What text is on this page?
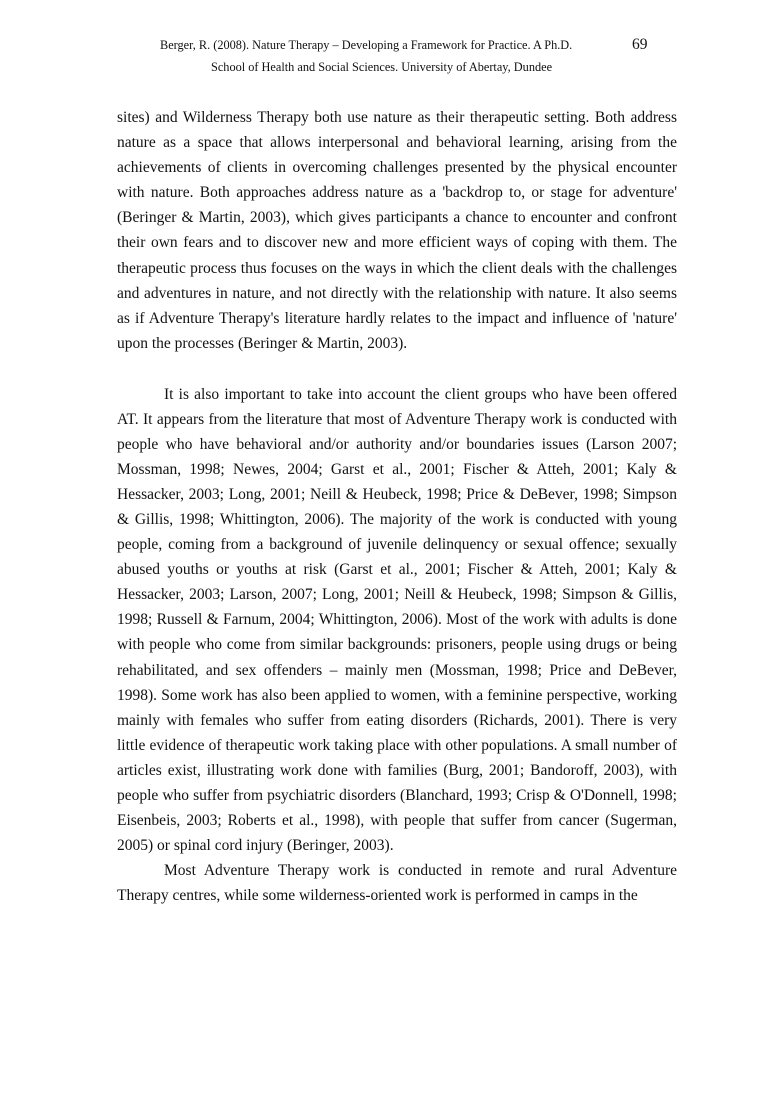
Berger, R. (2008). Nature Therapy – Developing a Framework for Practice. A Ph.D.	69
School of Health and Social Sciences. University of Abertay, Dundee

sites) and Wilderness Therapy both use nature as their therapeutic setting. Both address nature as a space that allows interpersonal and behavioral learning, arising from the achievements of clients in overcoming challenges presented by the physical encounter with nature. Both approaches address nature as a 'backdrop to, or stage for adventure' (Beringer & Martin, 2003), which gives participants a chance to encounter and confront their own fears and to discover new and more efficient ways of coping with them. The therapeutic process thus focuses on the ways in which the client deals with the challenges and adventures in nature, and not directly with the relationship with nature. It also seems as if Adventure Therapy's literature hardly relates to the impact and influence of 'nature' upon the processes (Beringer & Martin, 2003).

It is also important to take into account the client groups who have been offered AT. It appears from the literature that most of Adventure Therapy work is conducted with people who have behavioral and/or authority and/or boundaries issues (Larson 2007; Mossman, 1998; Newes, 2004; Garst et al., 2001; Fischer & Atteh, 2001; Kaly & Hessacker, 2003; Long, 2001; Neill & Heubeck, 1998; Price & DeBever, 1998; Simpson & Gillis, 1998; Whittington, 2006). The majority of the work is conducted with young people, coming from a background of juvenile delinquency or sexual offence; sexually abused youths or youths at risk (Garst et al., 2001; Fischer & Atteh, 2001; Kaly & Hessacker, 2003; Larson, 2007; Long, 2001; Neill & Heubeck, 1998; Simpson & Gillis, 1998; Russell & Farnum, 2004; Whittington, 2006). Most of the work with adults is done with people who come from similar backgrounds: prisoners, people using drugs or being rehabilitated, and sex offenders – mainly men (Mossman, 1998; Price and DeBever, 1998). Some work has also been applied to women, with a feminine perspective, working mainly with females who suffer from eating disorders (Richards, 2001). There is very little evidence of therapeutic work taking place with other populations. A small number of articles exist, illustrating work done with families (Burg, 2001; Bandoroff, 2003), with people who suffer from psychiatric disorders (Blanchard, 1993; Crisp & O'Donnell, 1998; Eisenbeis, 2003; Roberts et al., 1998), with people that suffer from cancer (Sugerman, 2005) or spinal cord injury (Beringer, 2003).

Most Adventure Therapy work is conducted in remote and rural Adventure Therapy centres, while some wilderness-oriented work is performed in camps in the
